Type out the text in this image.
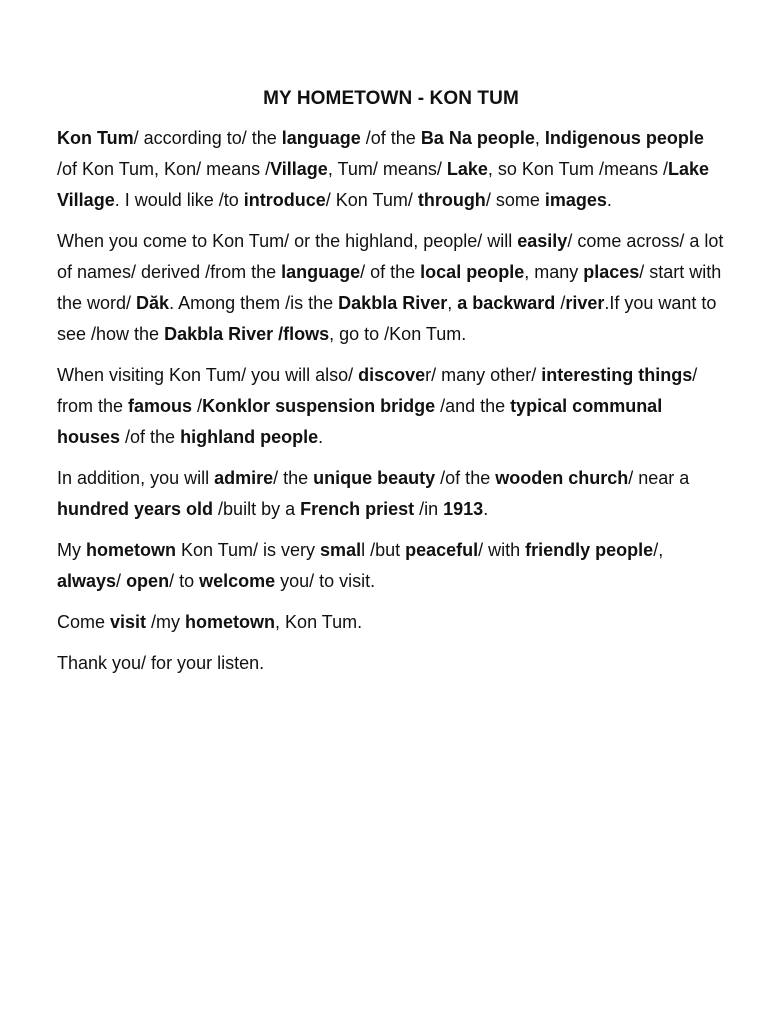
MY HOMETOWN - KON TUM

Kon Tum/ according to/ the language /of the Ba Na people, Indigenous people /of Kon Tum, Kon/ means /Village, Tum/ means/ Lake, so Kon Tum /means /Lake Village. I would like /to introduce/ Kon Tum/ through/ some images.

When you come to Kon Tum/ or the highland, people/ will easily/ come across/ a lot of names/ derived /from the language/ of the local people, many places/ start with the word/ Dăk. Among them /is the Dakbla River, a backward /river.If you want to see /how the Dakbla River /flows, go to /Kon Tum.

When visiting Kon Tum/ you will also/ discover/ many other/ interesting things/ from the famous /Konklor suspension bridge /and the typical communal houses /of the highland people.

In addition, you will admire/ the unique beauty /of the wooden church/ near a hundred years old /built by a French priest /in 1913.

My hometown Kon Tum/ is very small /but peaceful/ with friendly people/, always/ open/ to welcome you/ to visit.

Come visit /my hometown, Kon Tum.

Thank you/ for your listen.
